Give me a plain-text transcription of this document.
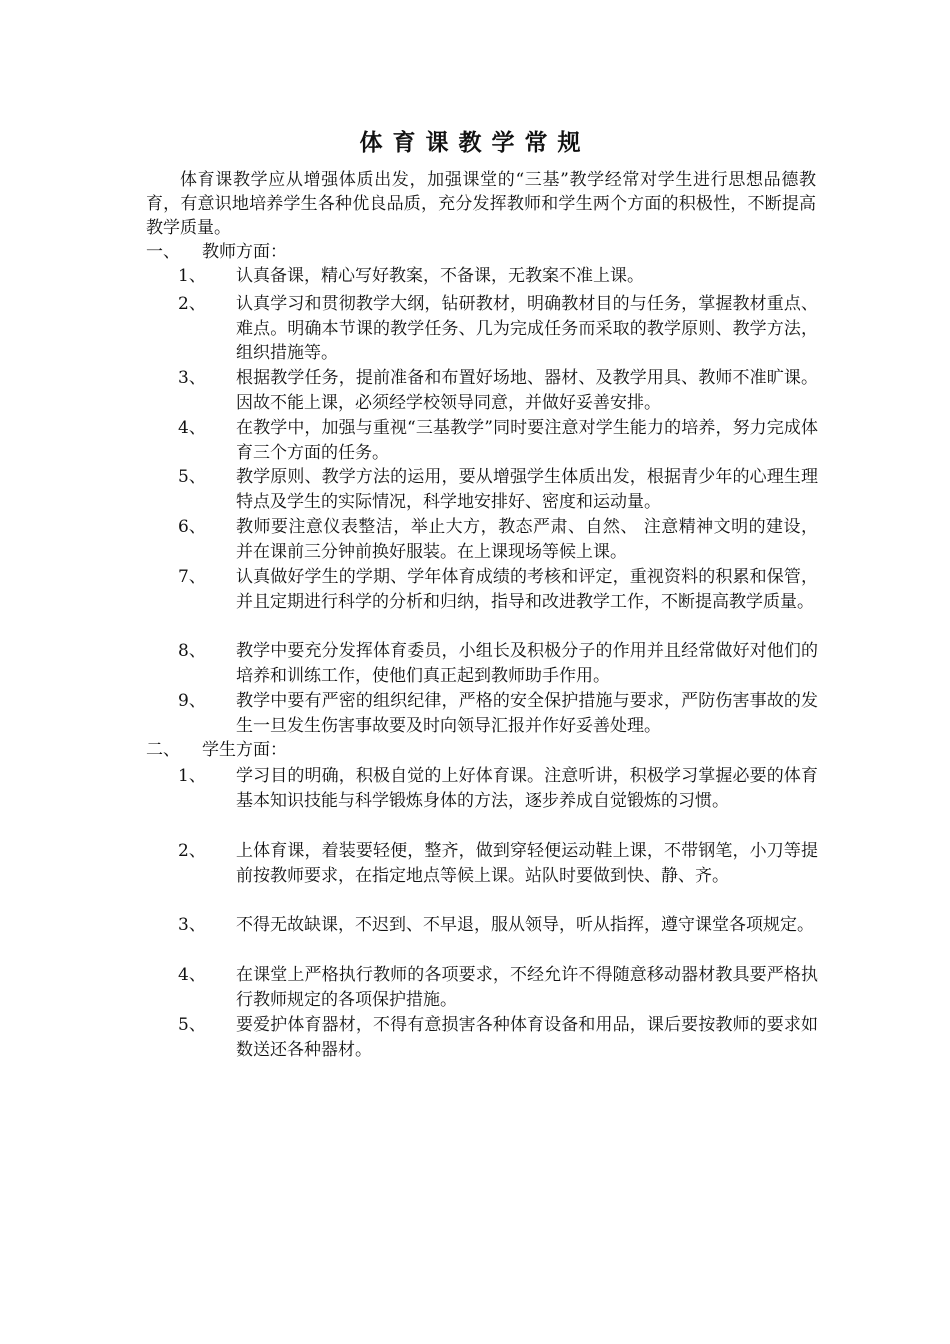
体育课教学常规
体育课教学应从增强体质出发，加强课堂的“三基”教学经常对学生进行思想品德教育，有意识地培养学生各种优良品质，充分发挥教师和学生两个方面的积极性，不断提高教学质量。
一、 教师方面：
1、	认真备课，精心写好教案，不备课，无教案不准上课。
2、	认真学习和贯彻教学大纲，钻研教材，明确教材目的与任务，掌握教材重点、难点。明确本节课的教学任务、几为完成任务而采取的教学原则、教学方法，组织措施等。
3、	根据教学任务，提前准备和布置好场地、器材、及教学用具、教师不准旷课。因故不能上课，必须经学校领导同意，并做好妥善安排。
4、	在教学中，加强与重视“三基教学”同时要注意对学生能力的培养，努力完成体育三个方面的任务。
5、	教学原则、教学方法的运用，要从增强学生体质出发，根据青少年的心理生理特点及学生的实际情况，科学地安排好、密度和运动量。
6、	教师要注意仪表整洁，举止大方，教态严肃、自然、 注意精神文明的建设，并在课前三分钟前换好服装。在上课现场等候上课。
7、	认真做好学生的学期、学年体育成绩的考核和评定，重视资料的积累和保管，并且定期进行科学的分析和归纳，指导和改进教学工作，不断提高教学质量。
8、	教学中要充分发挥体育委员，小组长及积极分子的作用并且经常做好对他们的培养和训练工作，使他们真正起到教师助手作用。
9、	教学中要有严密的组织纪律，严格的安全保护措施与要求，严防伤害事故的发生一旦发生伤害事故要及时向领导汇报并作好妥善处理。
二、 学生方面：
1、	学习目的明确，积极自觉的上好体育课。注意听讲，积极学习掌握必要的体育基本知识技能与科学锻炼身体的方法，逐步养成自觉锻炼的习惯。
2、	上体育课，着装要轻便，整齐，做到穿轻便运动鞋上课，不带钢笔，小刀等提前按教师要求，在指定地点等候上课。站队时要做到快、静、齐。
3、	不得无故缺课，不迟到、不早退，服从领导，听从指挥，遵守课堂各项规定。
4、	在课堂上严格执行教师的各项要求，不经允许不得随意移动器材教具要严格执行教师规定的各项保护措施。
5、	要爱护体育器材，不得有意损害各种体育设备和用品，课后要按教师的要求如数送还各种器材。
